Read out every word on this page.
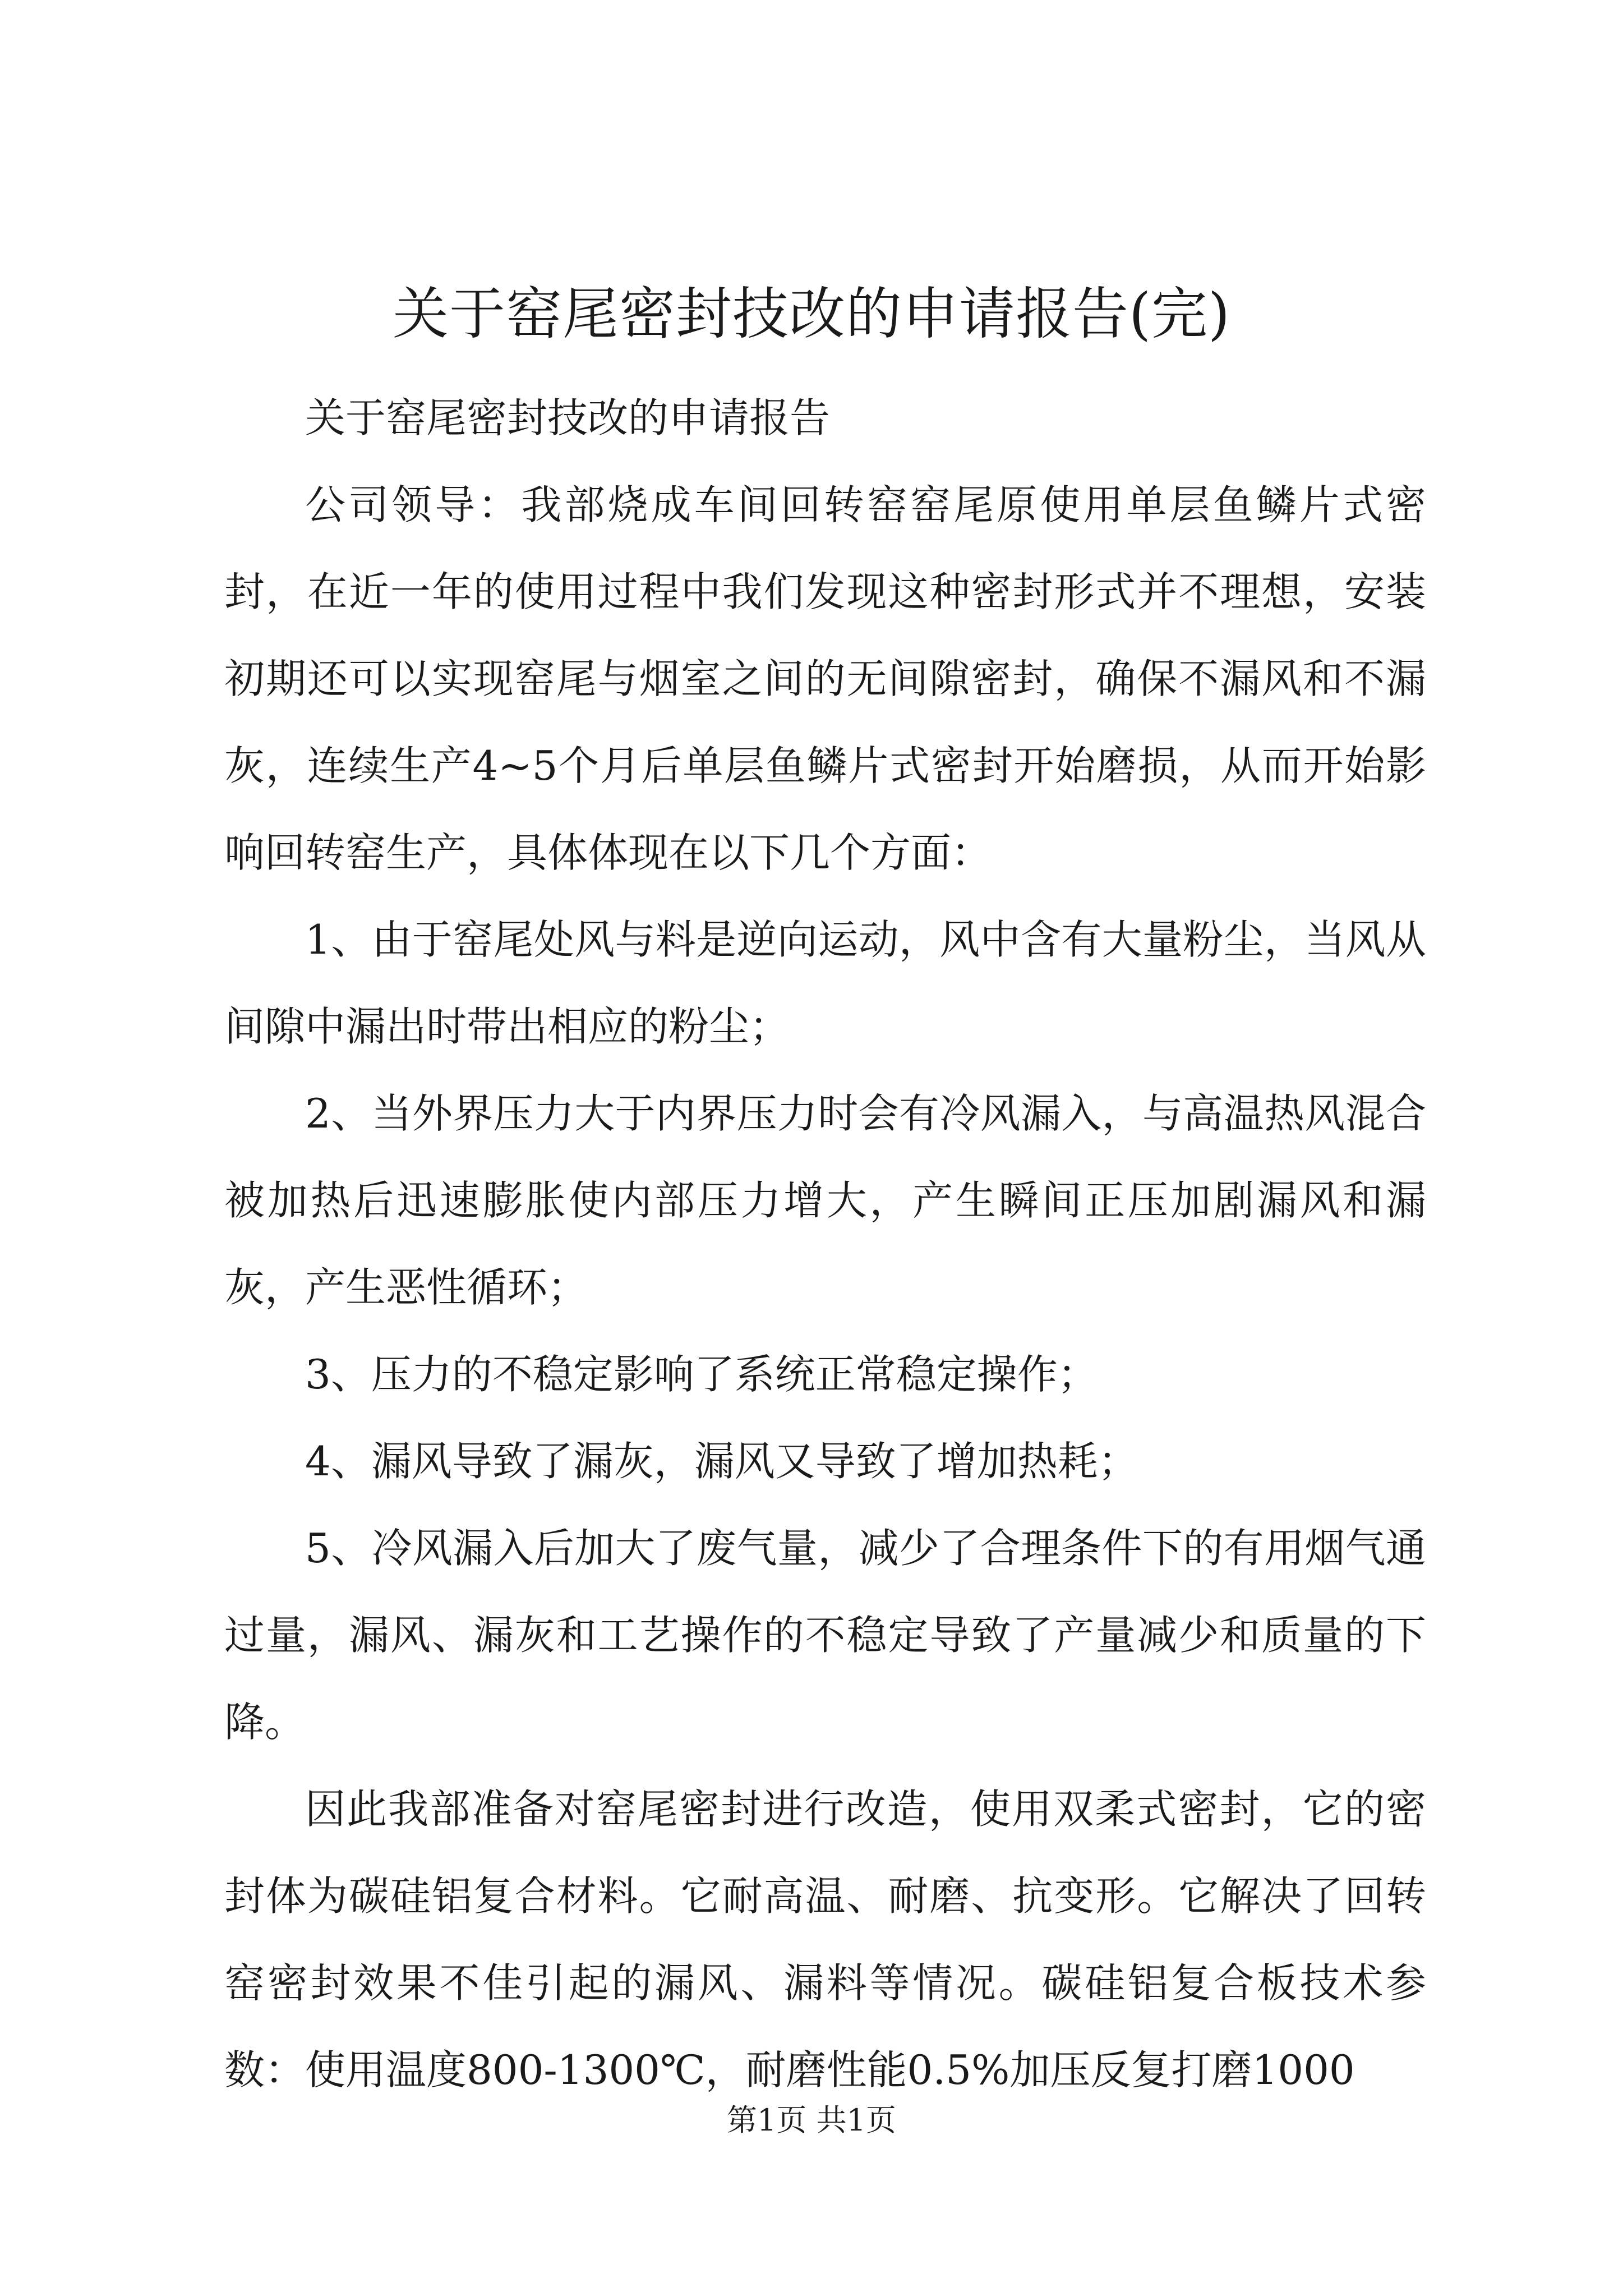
关于窑尾密封技改的申请报告(完)

关于窑尾密封技改的申请报告

公司领导：我部烧成车间回转窑窑尾原使用单层鱼鳞片式密封，在近一年的使用过程中我们发现这种密封形式并不理想，安装初期还可以实现窑尾与烟室之间的无间隙密封，确保不漏风和不漏灰，连续生产4~5个月后单层鱼鳞片式密封开始磨损，从而开始影响回转窑生产，具体体现在以下几个方面：

1、由于窑尾处风与料是逆向运动，风中含有大量粉尘，当风从间隙中漏出时带出相应的粉尘；

2、当外界压力大于内界压力时会有冷风漏入，与高温热风混合被加热后迅速膨胀使内部压力增大，产生瞬间正压加剧漏风和漏灰，产生恶性循环；

3、压力的不稳定影响了系统正常稳定操作；

4、漏风导致了漏灰，漏风又导致了增加热耗；

5、冷风漏入后加大了废气量，减少了合理条件下的有用烟气通过量，漏风、漏灰和工艺操作的不稳定导致了产量减少和质量的下降。

因此我部准备对窑尾密封进行改造，使用双柔式密封，它的密封体为碳硅铝复合材料。它耐高温、耐磨、抗变形。它解决了回转窑密封效果不佳引起的漏风、漏料等情况。碳硅铝复合板技术参数：使用温度800-1300℃，耐磨性能0.5%加压反复打磨1000

第1页 共1页
